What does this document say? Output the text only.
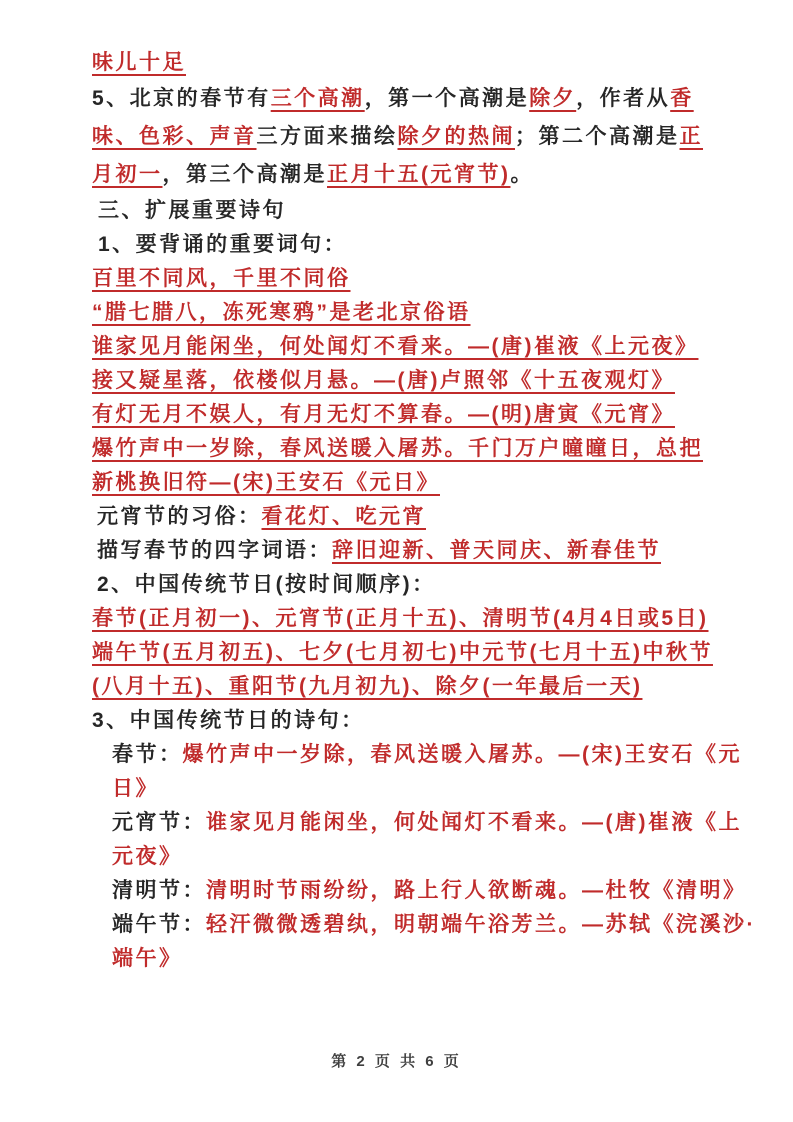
味儿十足

5、北京的春节有三个高潮，第一个高潮是除夕，作者从香味、色彩、声音三方面来描绘除夕的热闹；第二个高潮是正月初一，第三个高潮是正月十五(元宵节)。

三、扩展重要诗句

1、要背诵的重要词句：

百里不同风，千里不同俗
“腊七腊八，冻死寒鸦”是老北京俗语
谁家见月能闲坐，何处闻灯不看来。—(唐)崔液《上元夜》
接又疑星落，依楼似月悬。—(唐)卢照邻《十五夜观灯》
有灯无月不娱人，有月无灯不算春。—(明)唐寅《元宵》
爆竹声中一岁除，春风送暖入屠苏。千门万户曈曈日，总把新桃换旧符—(宋)王安石《元日》

元宵节的习俗：看花灯、吃元宵

描写春节的四字词语：辞旧迎新、普天同庆、新春佳节

2、中国传统节日(按时间顺序)：

春节(正月初一)、元宵节(正月十五)、清明节(4月4日或5日)
端午节(五月初五)、七夕(七月初七)中元节(七月十五)中秋节
(八月十五)、重阳节(九月初九)、除夕(一年最后一天)

3、中国传统节日的诗句：

春节：爆竹声中一岁除，春风送暖入屠苏。—(宋)王安石《元日》
元宵节：谁家见月能闲坐，何处闻灯不看来。—(唐)崔液《上元夜》
清明节：清明时节雨纷纷，路上行人欲断魂。—杜牧《清明》
端午节：轻汗微微透碧纨，明朝端午浴芳兰。—苏轼《浣溪沙·端午》
第 2 页 共 6 页
